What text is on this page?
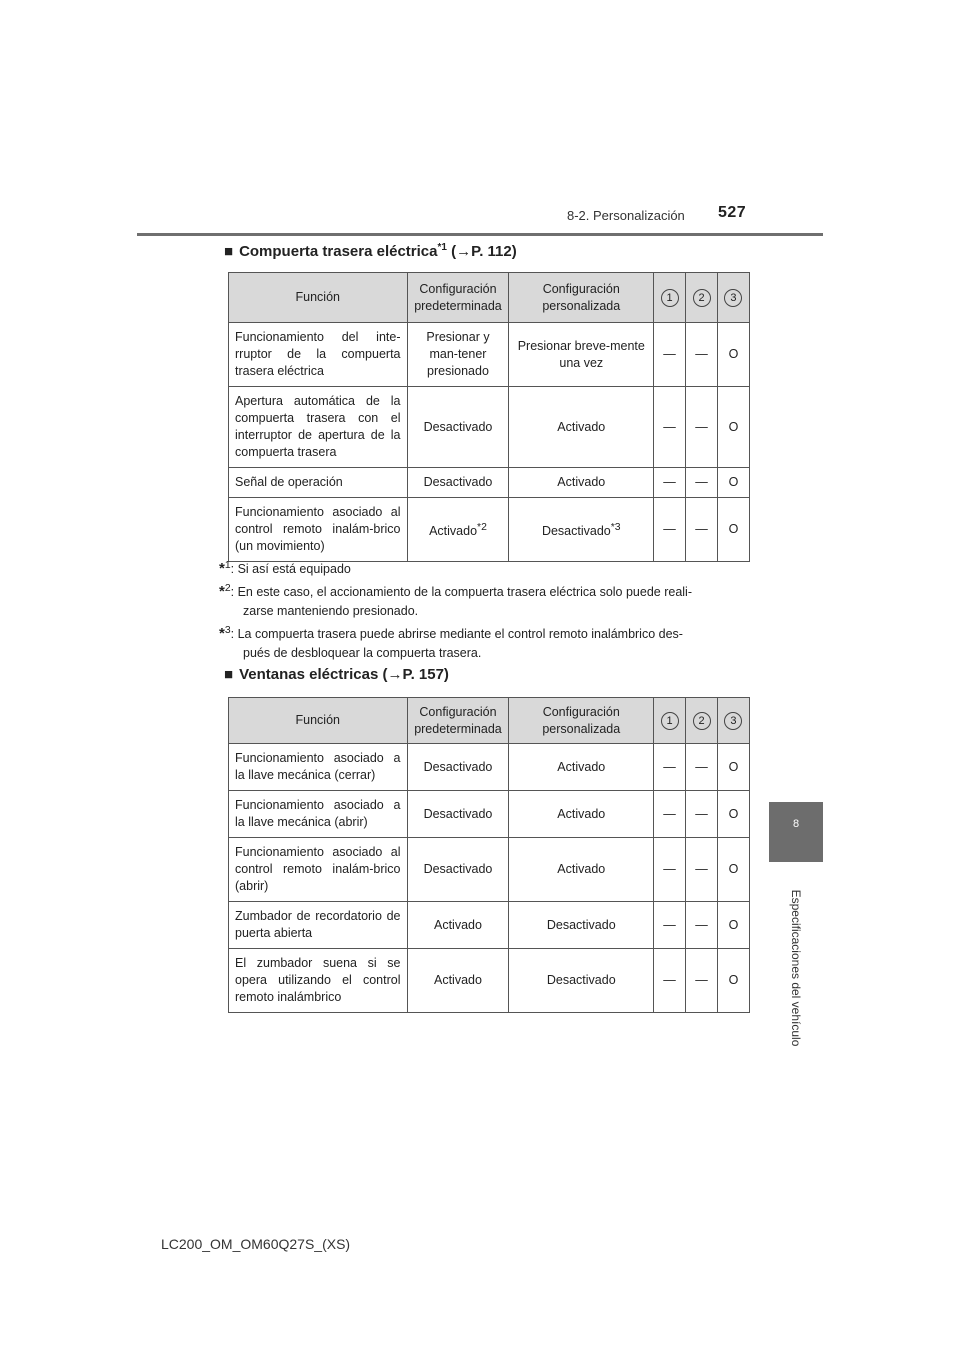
8-2. Personalización 527
8
Especificaciones del vehículo
■ Compuerta trasera eléctrica$^{*1}$ (→P. 112)
Función	Configuración predeterminada	Configuración personalizada	1	2	3
Funcionamiento del inte-rruptor de la compuerta trasera eléctrica	Presionar y man-tener presionado	Presionar breve-mente una vez	—	—	O
Apertura automática de la compuerta trasera con el interruptor de apertura de la compuerta trasera	Desactivado	Activado	—	—	O
Señal de operación	Desactivado	Activado	—	—	O
Funcionamiento asociado al control remoto inalám-brico (un movimiento)	Activado$^{*2}$	Desactivado$^{*3}$	—	—	O
*$^1$: Si así está equipado
*$^2$: En este caso, el accionamiento de la compuerta trasera eléctrica solo puede reali-
zarse manteniendo presionado.
*$^3$: La compuerta trasera puede abrirse mediante el control remoto inalámbrico des-
pués de desbloquear la compuerta trasera.
■ Ventanas eléctricas (→P. 157)
Función	Configuración predeterminada	Configuración personalizada	1	2	3
Funcionamiento asociado a la llave mecánica (cerrar)	Desactivado	Activado	—	—	O
Funcionamiento asociado a la llave mecánica (abrir)	Desactivado	Activado	—	—	O
Funcionamiento asociado al control remoto inalám-brico (abrir)	Desactivado	Activado	—	—	O
Zumbador de recordatorio de puerta abierta	Activado	Desactivado	—	—	O
El zumbador suena si se opera utilizando el control remoto inalámbrico	Activado	Desactivado	—	—	O
LC200_OM_OM60Q27S_(XS)
